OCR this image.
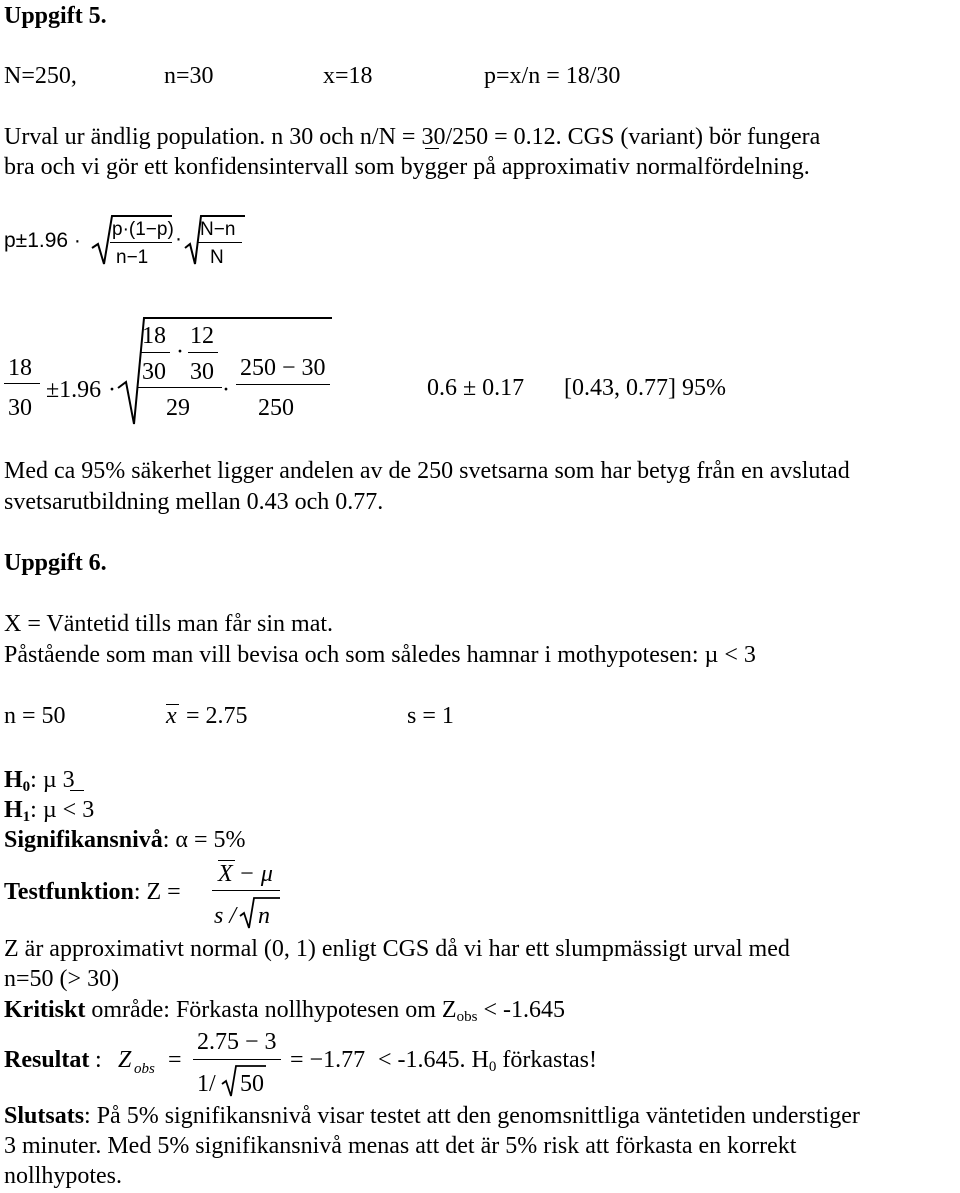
Uppgift 5.
N=250,	n=30	x=18	p=x/n = 18/30
Urval ur ändlig population. n 30 och n/N = 30/250 = 0.12. CGS (variant) bör fungera
bra och vi gör ett konfidensintervall som bygger på approximativ normalfördelning.
p±1.96 · p·(1−p)
n−1
· N−n
N
18
30
±1.96 ·
18
·
12
30 30
29
·
250 − 30
250
0.6 ± 0.17 [0.43, 0.77] 95%
Med ca 95% säkerhet ligger andelen av de 250 svetsarna som har betyg från en avslutad
svetsarutbildning mellan 0.43 och 0.77.
Uppgift 6.
X = Väntetid tills man får sin mat.
Påstående som man vill bevisa och som således hamnar i mothypotesen: µ < 3
n = 50	x = 2.75	s = 1
$H_0$: µ 3
$H_1$: µ < 3
Signifikansnivå: α = 5%
Testfunktion: Z =
X − μ
s / n
Z är approximativt normal (0, 1) enligt CGS då vi har ett slumpmässigt urval med
n=50 (> 30)
Kritiskt område: Förkasta nollhypotesen om $Z_{obs} < -1.645$
Resultat : Z obs =
2.75 − 3
1/ 50
= −1.77 < -1.645. $H_0$ förkastas!
Slutsats: På 5% signifikansnivå visar testet att den genomsnittliga väntetiden understiger
3 minuter. Med 5% signifikansnivå menas att det är 5% risk att förkasta en korrekt
nollhypotes.
